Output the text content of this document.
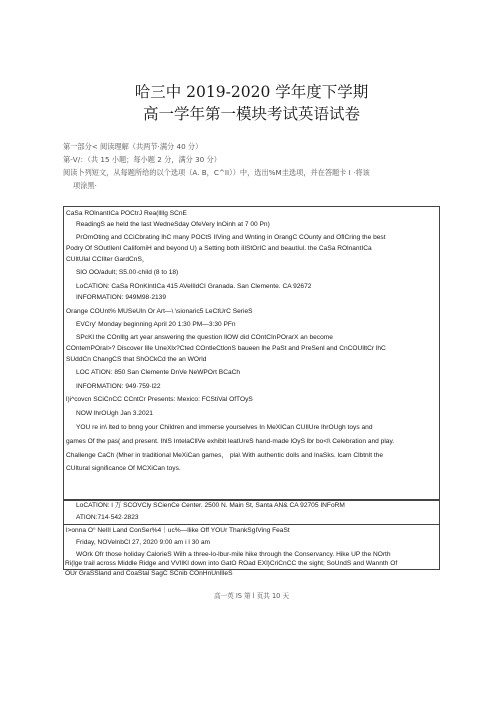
哈三中 2019-2020 学年度下学期
高一学年第一模块考试英语试卷
第一部分< 阅读理解（共两节·满分 40 分）
第-V/：（共 15 小题；每小题 2 分，满分 30 分）
阅读卜列短文，从每题所给的以个选项（A. B，C^II））中，选出%M圭选项，并在答题卡 I ·将该
项涂黑·
CaSa ROlnantICa POCtrJ Rea(llllg SCnE
ReadingS ae held the last WedneSday OfeVery lnOinh at 7 00 Pn)
PrOmOting and CCiCbrating lhC many POCtS IIVing and Wnting in OrangC COunty and OflCring the best
Podry Of SOutIlenI CalifomiH and beyond U) a Setting both iIlStOrIC and beautIul. the CaSa ROlnantICa
CUltUlal CCIlter GardCnS，
SlO OO/adult; S5.00·child (8 to 18)
LoCATION: CaSa ROnKlntICa 415 AVelIldCI Granada. San Clemente. CA 92672
INFORMATION: 949M98·2139
Orange COUnt% MUSeUln Or Art—\ \sionaric5 LeCtUrC SerieS
EVCry' Monday beginning April 20 1:30 PM—3:30 PFn
SPcKl the COnlllg art year answering the question llOW did COntCInPOrarX an become
COntemPOraI>? Discover lIle UneXlx?Cted COntleCtlonS baueen lhe PaSt and PreSenl and CnCOUlltCr lhC
SUddCn ChangCS that ShOCkCd the an WOrld
LOC ATION: 850 San Clemente DnVe NeWPOrt BCaCh
INFORMATION: 949·759·l22
l)i^covcn SCiCnCC CCntCr Presents: Mexico: FCStiVal OfTOyS
NOW lhrOUgh Jan 3.2021
YOU re in\ lted to bnng your Children and immerse yourselves In MeXICan CUIlUre lhrOUgh toys and
games Of the pas( and present. IhlS IntelaCllVe exhibit leatUreS hand-made lOyS lbr bo<l\ Celebration and play.
Challenge CaCh (Mher in traditional MeXiCan games， pla\ With authentic dolls and lnaSks. lcam Clbtnlt the
CUltural significance Of MCXiCan toys.
LoCATION: l 万 SCOVCly SCienCe Center. 2500 N. Main St, Santa AN& CA 92705 INFoRM
ATION:714·542·2823
l>onna O° NelII Land ConSer%4｜uc%—llike Off YOUr ThankSgIVing FeaSt
Friday, NOVelnbCl 27, 2020 9:00 am i l 30 am
WOrk Ofr those holiday CalorieS Wilh a three-lo-lbur-mile hike through the Conservancy. Hike UP the NOrth
Ri(lge trail across Middle Ridge and VVIlKl down into GatO ROad EXl)CriCnCC the sight; SoUndS and Wannth Of
OUr GraSSland and CoaStal SagC SCnib COnHnUnlIleS
高一英 IS 第 l 页共 10 天
